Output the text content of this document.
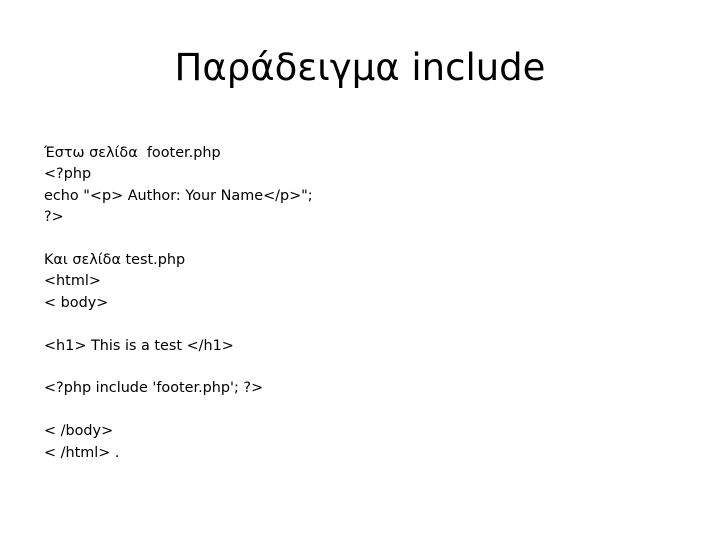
Παράδειγμα include
Έστω σελίδα  footer.php
<?php
echo "<p> Author: Your Name</p>";
?>
Και σελίδα test.php
<html>
< body>
<h1> This is a test </h1>
<?php include 'footer.php'; ?>
< /body>
< /html> .
